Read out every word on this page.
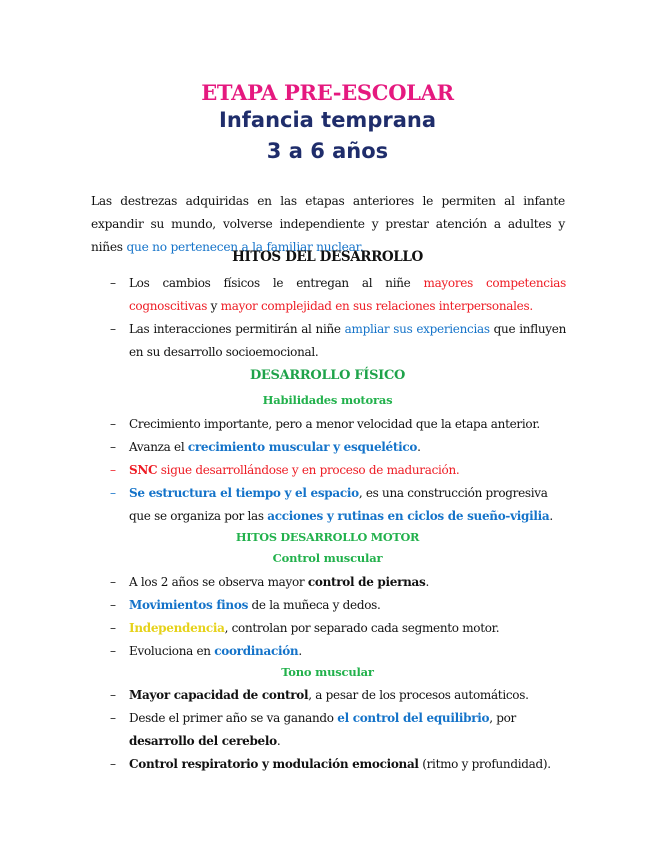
ETAPA PRE-ESCOLAR
Infancia temprana
3 a 6 años

Las destrezas adquiridas en las etapas anteriores le permiten al infante expandir su mundo, volverse independiente y prestar atención a adultes y niñes que no pertenecen a la familiar nuclear.

HITOS DEL DESARROLLO
– Los cambios físicos le entregan al niñe mayores competencias cognoscitivas y mayor complejidad en sus relaciones interpersonales.
– Las interacciones permitirán al niñe ampliar sus experiencias que influyen en su desarrollo socioemocional.
DESARROLLO FÍSICO
Habilidades motoras
– Crecimiento importante, pero a menor velocidad que la etapa anterior.
– Avanza el crecimiento muscular y esquelético.
– SNC sigue desarrollándose y en proceso de maduración.
– Se estructura el tiempo y el espacio, es una construcción progresiva que se organiza por las acciones y rutinas en ciclos de sueño-vigilia.
HITOS DESARROLLO MOTOR
Control muscular
– A los 2 años se observa mayor control de piernas.
– Movimientos finos de la muñeca y dedos.
– Independencia, controlan por separado cada segmento motor.
– Evoluciona en coordinación.
Tono muscular
– Mayor capacidad de control, a pesar de los procesos automáticos.
– Desde el primer año se va ganando el control del equilibrio, por desarrollo del cerebelo.
– Control respiratorio y modulación emocional (ritmo y profundidad).
